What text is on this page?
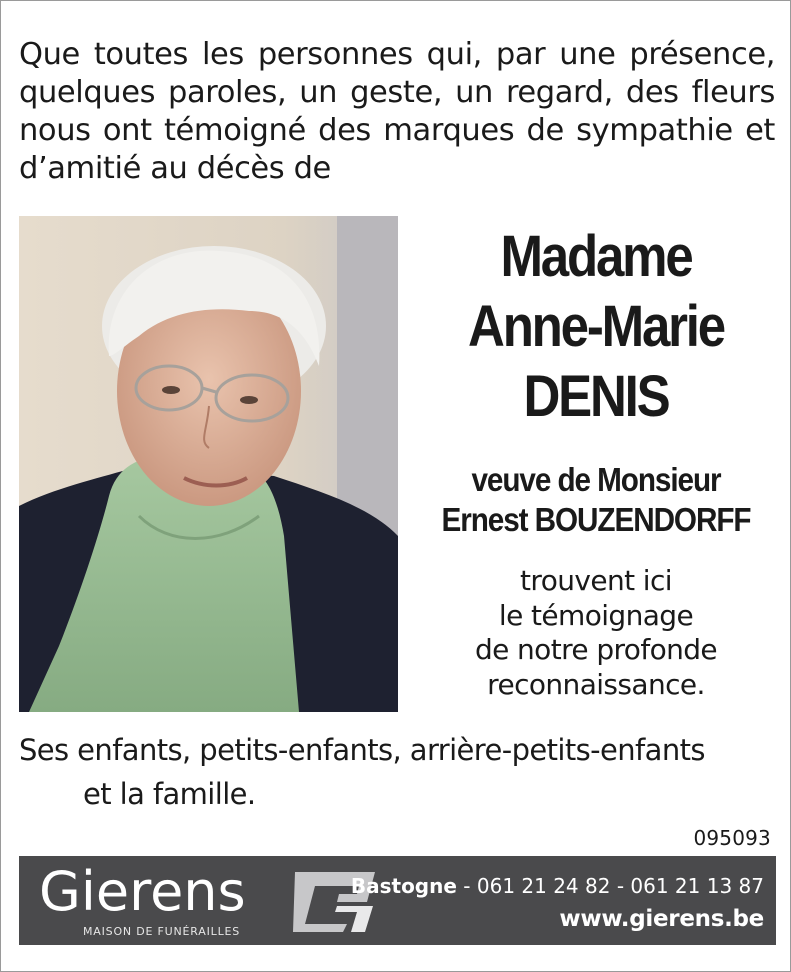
Que toutes les personnes qui, par une présence, quelques paroles, un geste, un regard, des fleurs nous ont témoigné des marques de sympathie et d’amitié au décès de
Madame
Anne-Marie
DENIS
veuve de Monsieur
Ernest BOUZENDORFF
trouvent ici
le témoignage
de notre profonde
reconnaissance.
Ses enfants, petits-enfants, arrière-petits-enfants
et la famille.
095093
Gierens
MAISON DE FUNÉRAILLES
Bastogne - 061 21 24 82 - 061 21 13 87
www.gierens.be
